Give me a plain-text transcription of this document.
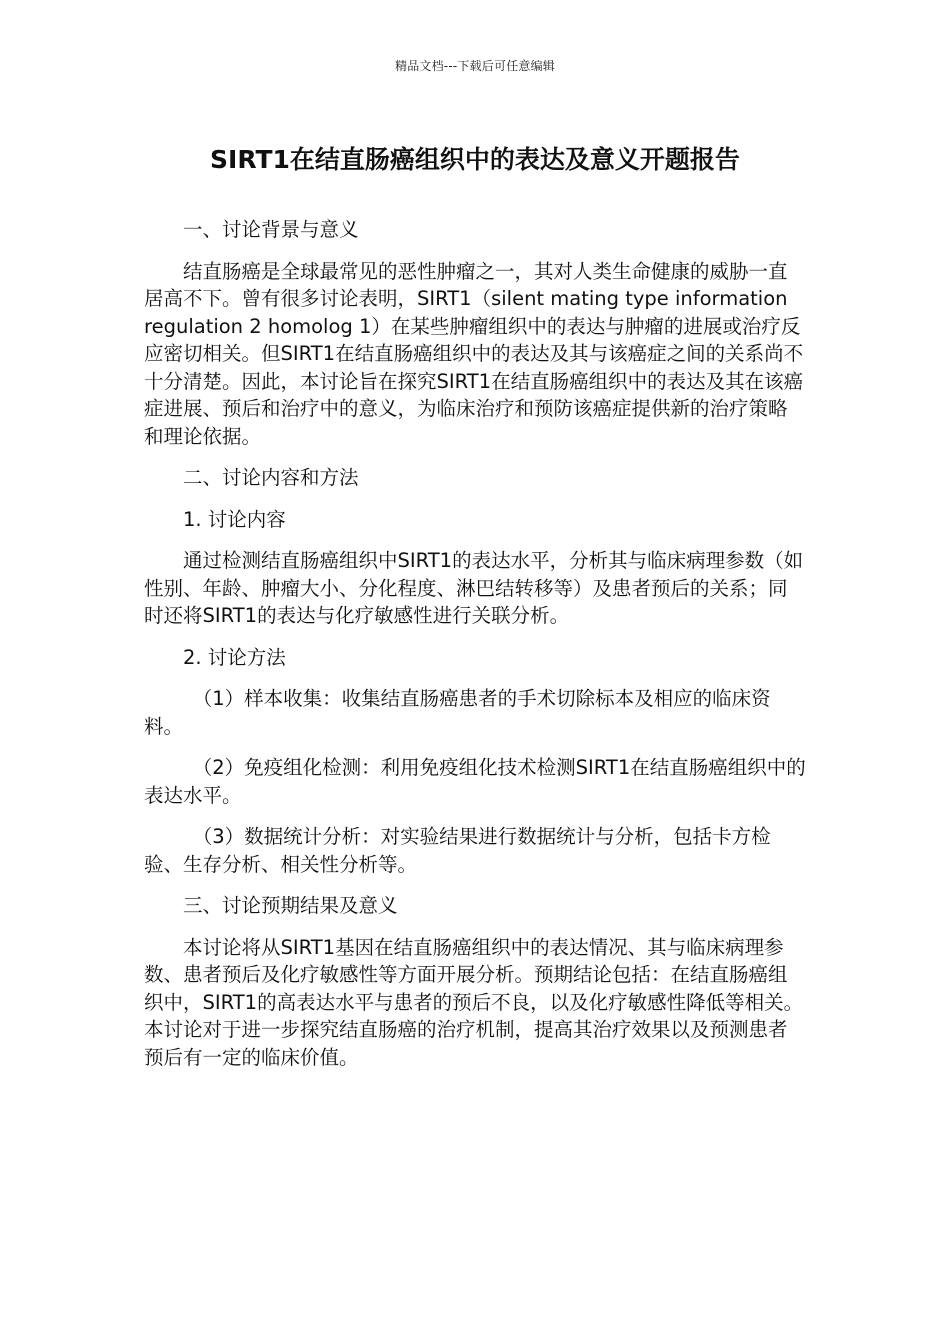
精品文档---下载后可任意编辑
SIRT1在结直肠癌组织中的表达及意义开题报告

一、讨论背景与意义

结直肠癌是全球最常见的恶性肿瘤之一，其对人类生命健康的威胁一直居高不下。曾有很多讨论表明，SIRT1（silent mating type information regulation 2 homolog 1）在某些肿瘤组织中的表达与肿瘤的进展或治疗反应密切相关。但SIRT1在结直肠癌组织中的表达及其与该癌症之间的关系尚不十分清楚。因此，本讨论旨在探究SIRT1在结直肠癌组织中的表达及其在该癌症进展、预后和治疗中的意义，为临床治疗和预防该癌症提供新的治疗策略和理论依据。

二、讨论内容和方法

1. 讨论内容

通过检测结直肠癌组织中SIRT1的表达水平，分析其与临床病理参数（如性别、年龄、肿瘤大小、分化程度、淋巴结转移等）及患者预后的关系；同时还将SIRT1的表达与化疗敏感性进行关联分析。

2. 讨论方法

（1）样本收集：收集结直肠癌患者的手术切除标本及相应的临床资料。

（2）免疫组化检测：利用免疫组化技术检测SIRT1在结直肠癌组织中的表达水平。

（3）数据统计分析：对实验结果进行数据统计与分析，包括卡方检验、生存分析、相关性分析等。

三、讨论预期结果及意义

本讨论将从SIRT1基因在结直肠癌组织中的表达情况、其与临床病理参数、患者预后及化疗敏感性等方面开展分析。预期结论包括：在结直肠癌组织中，SIRT1的高表达水平与患者的预后不良，以及化疗敏感性降低等相关。本讨论对于进一步探究结直肠癌的治疗机制，提高其治疗效果以及预测患者预后有一定的临床价值。
